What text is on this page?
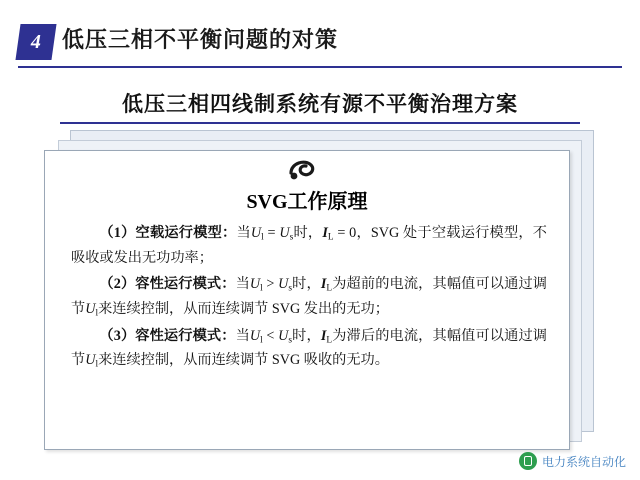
4 低压三相不平衡问题的对策
低压三相四线制系统有源不平衡治理方案
SVG工作原理

（1）空载运行模型：当$U_l = U_s$时，$I_L = 0$，SVG 处于空载运行模型，不吸收或发出无功功率；

（2）容性运行模式：当$U_l > U_s$时，$I_L$为超前的电流，其幅值可以通过调节$U_l$来连续控制，从而连续调节 SVG 发出的无功；

（3）容性运行模式：当$U_l < U_s$时，$I_L$为滞后的电流，其幅值可以通过调节$U_l$来连续控制，从而连续调节 SVG 吸收的无功。

电力系统自动化
